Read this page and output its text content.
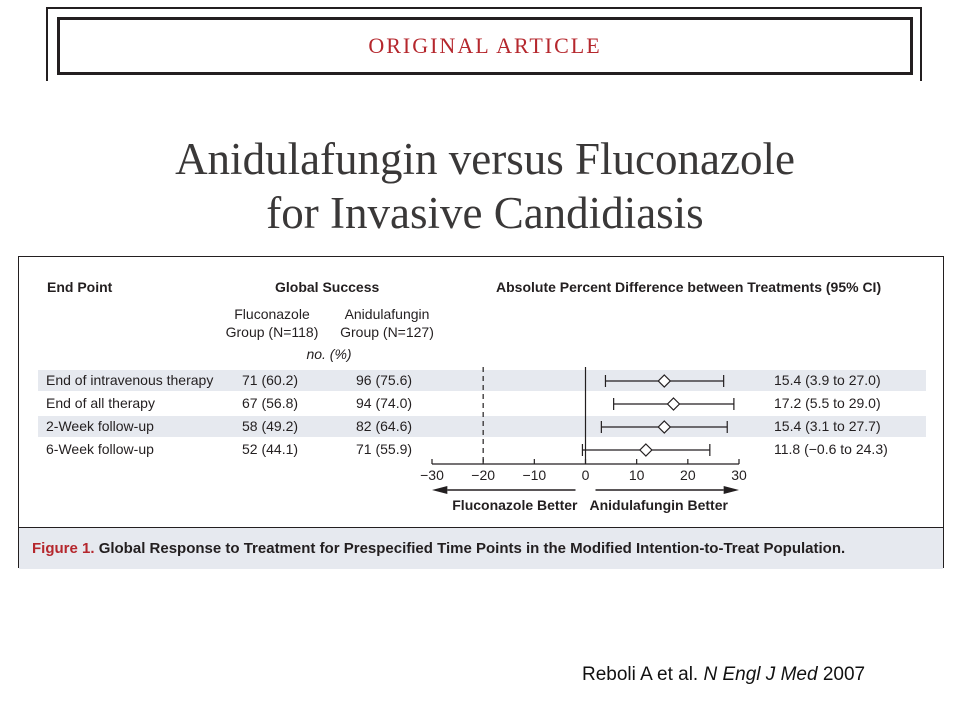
ORIGINAL ARTICLE
Anidulafungin versus Fluconazole
for Invasive Candidiasis
End Point	Global Success	Absolute Percent Difference between Treatments (95% CI)
Fluconazole
Group (N=118)
Anidulafungin
Group (N=127)
no. (%)
End of intravenous therapy 71 (60.2)	96 (75.6)	15.4 (3.9 to 27.0)
End of all therapy	67 (56.8)	94 (74.0)	17.2 (5.5 to 29.0)
2-Week follow-up	58 (49.2)	82 (64.6)	15.4 (3.1 to 27.7)
6-Week follow-up	52 (44.1)	71 (55.9)	11.8 (−0.6 to 24.3)
−30 −20 −10	0	10	20	30
Fluconazole Better Anidulafungin Better
Figure 1. Global Response to Treatment for Prespecified Time Points in the Modified Intention-to-Treat Population.
Reboli A et al. N Engl J Med 2007
